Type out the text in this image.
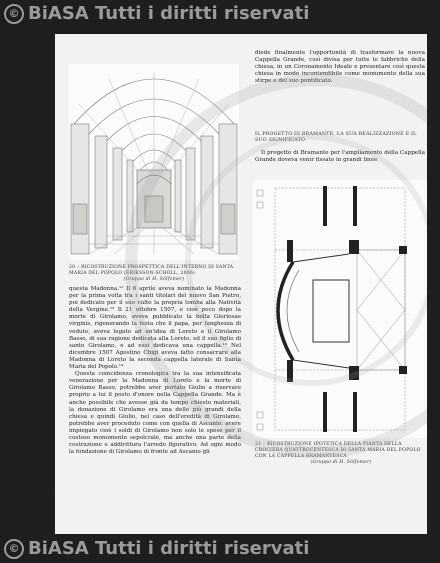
© BiASA Tutti i diritti riservati
20 – RICOSTRUZIONE PROSPETTICA DELL'INTERNO DI SANTA MARIA DEL POPOLO (ERIKSSON-SCHOLL, 2006)
(Gruppo di H. Sölfomer)

questa Madonna.¹¹ Il 6 aprile aveva nominato la Madonna per la prima volta tra i santi titolari del nuovo San Pietro, poi dedicato per il suo culto la propria tomba alla Natività della Vergine.¹² Il 21 ottobre 1507, e cioè poco dopo la morte di Girolamo, aveva pubblicato la bolla Gloriosae virginis, rigenerando la festa che il papa, per lunghezza di vedute, aveva legato ad un'idea di Loreto e il Girolamo Basso, di sua ragione dedicata alla Loreto, ed il suo figlio di santo Girolamo, e ad essi dedicava una cappella.¹³ Nel dicembre 1507 Agostino Chigi aveva fatto consacrare alla Madonna di Loreto la seconda cappella laterale di Santa Maria del Popolo.¹⁴

Questa coincidenza cronologica tra la sua intensificata venerazione per la Madonna di Loreto e la morte di Girolamo Basso, potrebbe aver portato Giulio a riservare proprio a lui il posto d'onore nella Cappella Grande. Ma è anche possibile che avesse già da tempo chiesto materiali, la donazione di Girolamo era una delle più grandi della chiesa e quindi Giulio, nel caso dell'eredità di Girolamo, potrebbe aver proceduto come con quella di Ascanio: avere impiegato cioè i soldi di Girolamo non solo le spese per il costoso monumento sepolcrale, ma anche una parte della costruzione e addirittura l'arredo figurativo. Ad ogni modo la fondazione di Girolamo di fronte ad Ascanio gli

diede finalmente l'opportunità di trasformare la nuova Cappella Grande, così divisa per tutte le fabbriche della chiesa, in un Coronamento Ideale e presentare così questa chiesa in modo incontendibile come monumento della sua stirpe e del suo pontificato.

IL PROGETTO DI BRAMANTE, LA SUA REALIZZAZIONE E IL SUO SIGNIFICATO

Il progetto di Bramante per l'ampliamento della Cappella Grande doveva venir fissato in grandi linee

21 – RICOSTRUZIONE IPOTETICA DELLA PIANTA DELLA CROCIERA QUATTROCENTESCA DI SANTA MARIA DEL POPOLO CON LA CAPPELLA BRAMANTESCA
(Gruppo di H. Sölfomer)
18
© BiASA Tutti i diritti riservati
